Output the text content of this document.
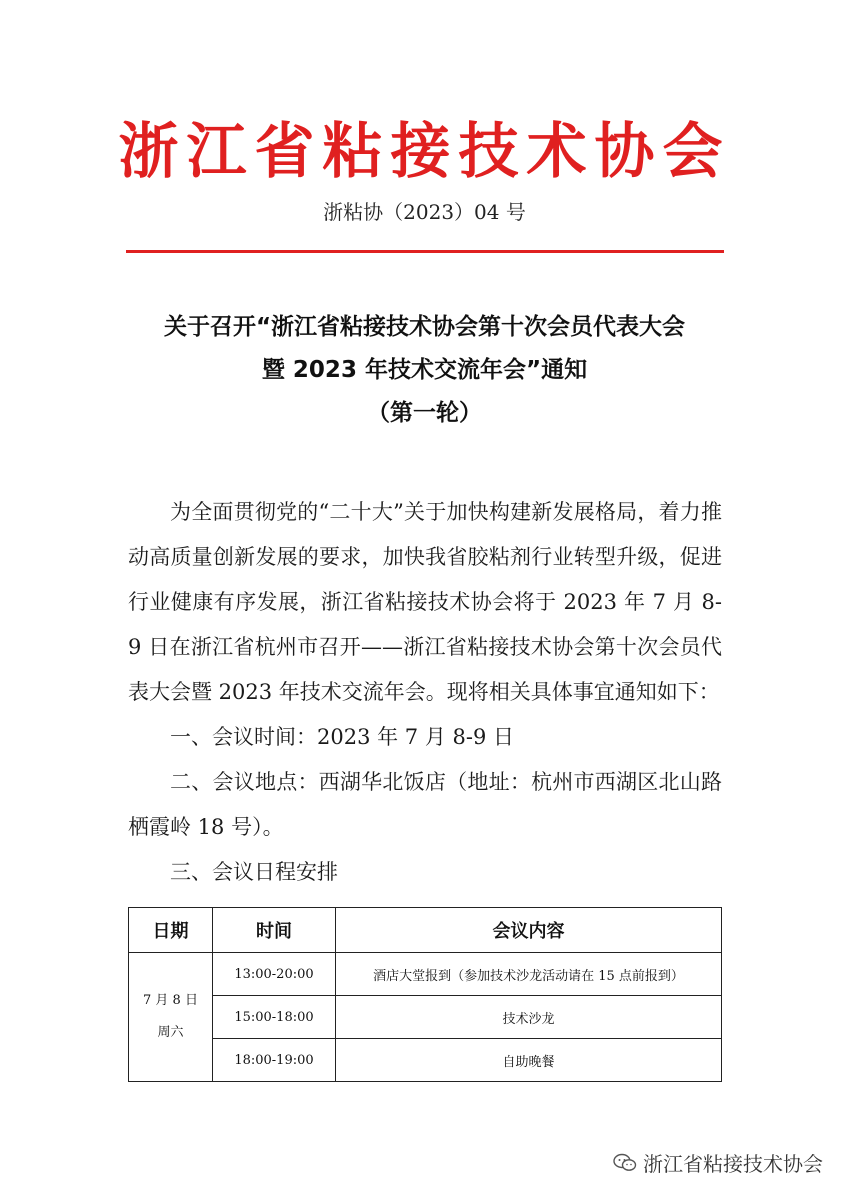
浙江省粘接技术协会
浙粘协（2023）04 号
关于召开“浙江省粘接技术协会第十次会员代表大会
暨 2023 年技术交流年会”通知
（第一轮）

为全面贯彻党的“二十大”关于加快构建新发展格局，着力推动高质量创新发展的要求，加快我省胶粘剂行业转型升级，促进行业健康有序发展，浙江省粘接技术协会将于 2023 年 7 月 8-9 日在浙江省杭州市召开——浙江省粘接技术协会第十次会员代表大会暨 2023 年技术交流年会。现将相关具体事宜通知如下：

一、会议时间：2023 年 7 月 8-9 日

二、会议地点：西湖华北饭店（地址：杭州市西湖区北山路栖霞岭 18 号）。

三、会议日程安排

日期	时间	会议内容

7 月 8 日
周六	13:00-20:00	酒店大堂报到（参加技术沙龙活动请在 15 点前报到）
	15:00-18:00	技术沙龙
	18:00-19:00	自助晚餐
浙江省粘接技术协会
